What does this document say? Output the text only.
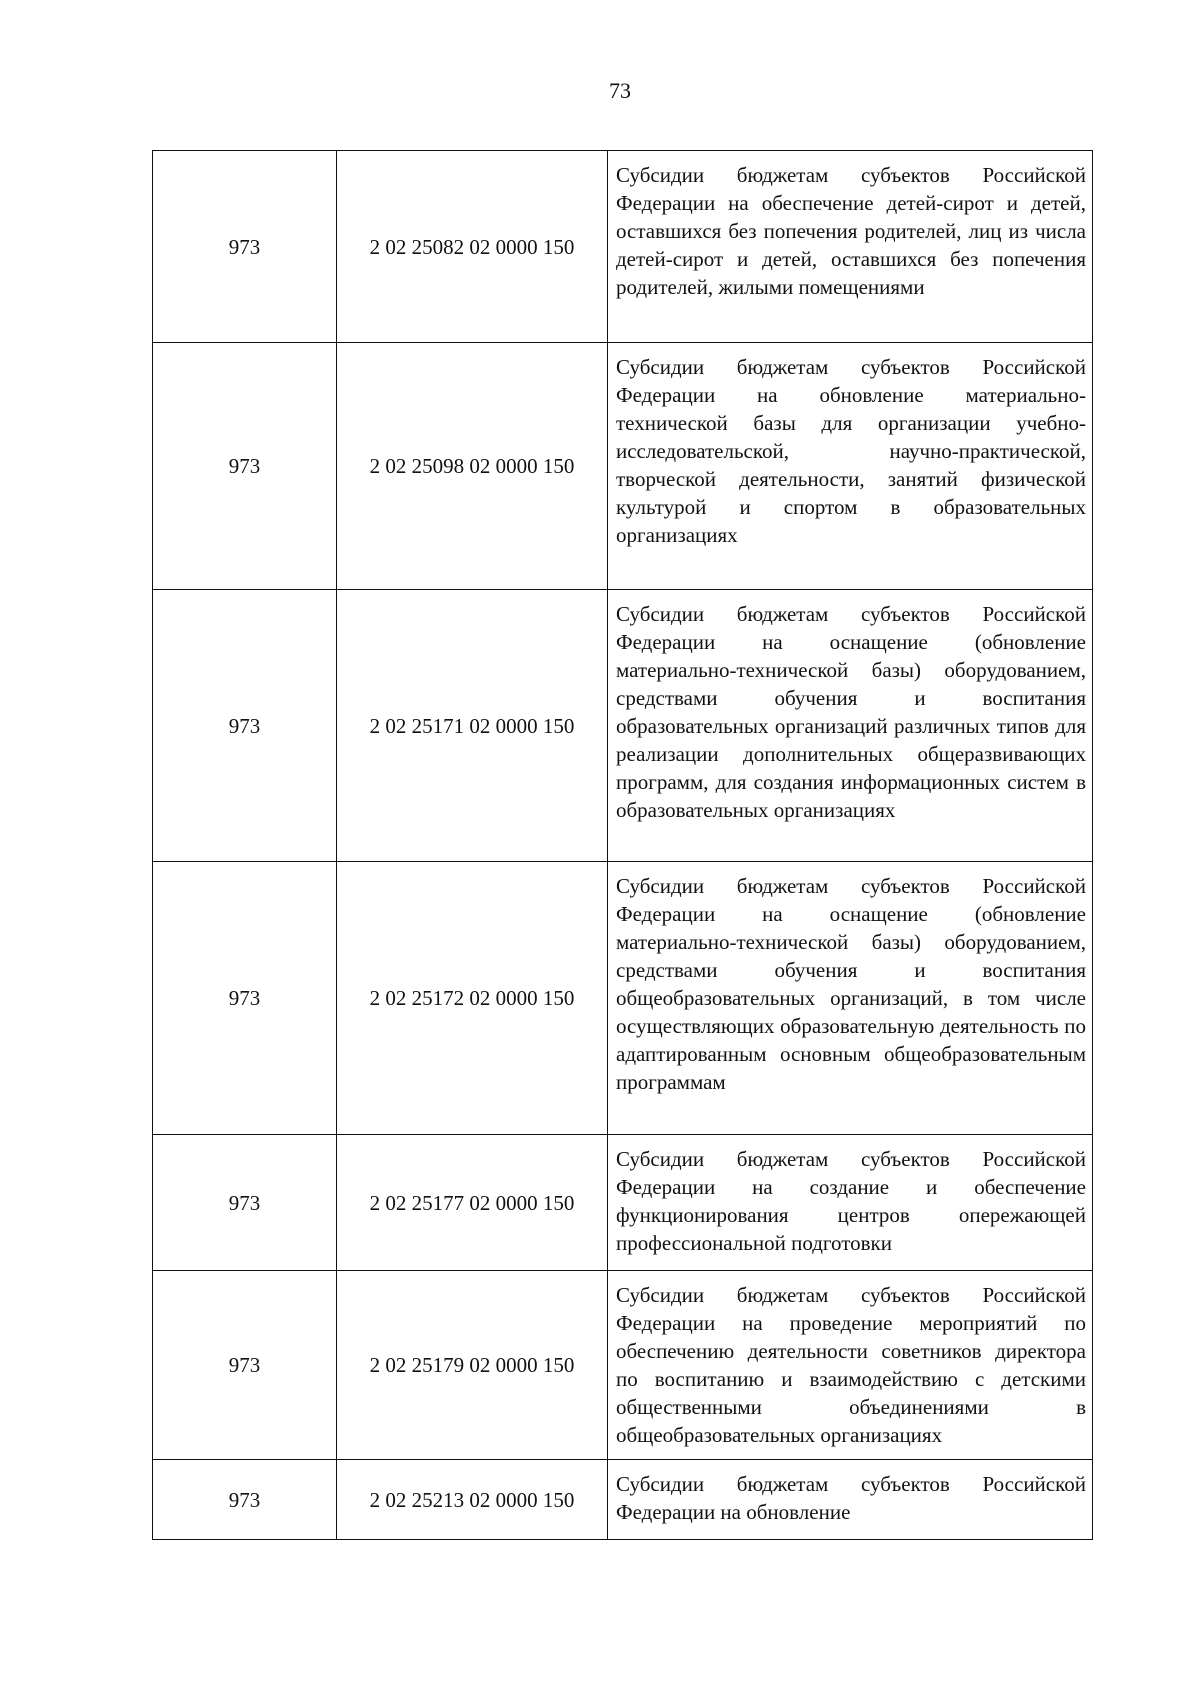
73
973	2 02 25082 02 0000 150	Субсидии бюджетам субъектов Российской Федерации на обеспечение детей-сирот и детей, оставшихся без попечения родителей, лиц из числа детей-сирот и детей, оставшихся без попечения родителей, жилыми помещениями
973	2 02 25098 02 0000 150	Субсидии бюджетам субъектов Российской Федерации на обновление материально-технической базы для организации учебно-исследовательской, научно-практической, творческой деятельности, занятий физической культурой и спортом в образовательных организациях
973	2 02 25171 02 0000 150	Субсидии бюджетам субъектов Российской Федерации на оснащение (обновление материально-технической базы) оборудованием, средствами обучения и воспитания образовательных организаций различных типов для реализации дополнительных общеразвивающих программ, для создания информационных систем в образовательных организациях
973	2 02 25172 02 0000 150	Субсидии бюджетам субъектов Российской Федерации на оснащение (обновление материально-технической базы) оборудованием, средствами обучения и воспитания общеобразовательных организаций, в том числе осуществляющих образовательную деятельность по адаптированным основным общеобразовательным программам
973	2 02 25177 02 0000 150	Субсидии бюджетам субъектов Российской Федерации на создание и обеспечение функционирования центров опережающей профессиональной подготовки
973	2 02 25179 02 0000 150	Субсидии бюджетам субъектов Российской Федерации на проведение мероприятий по обеспечению деятельности советников директора по воспитанию и взаимодействию с детскими общественными объединениями в общеобразовательных организациях
973	2 02 25213 02 0000 150	Субсидии бюджетам субъектов Российской Федерации на обновление
